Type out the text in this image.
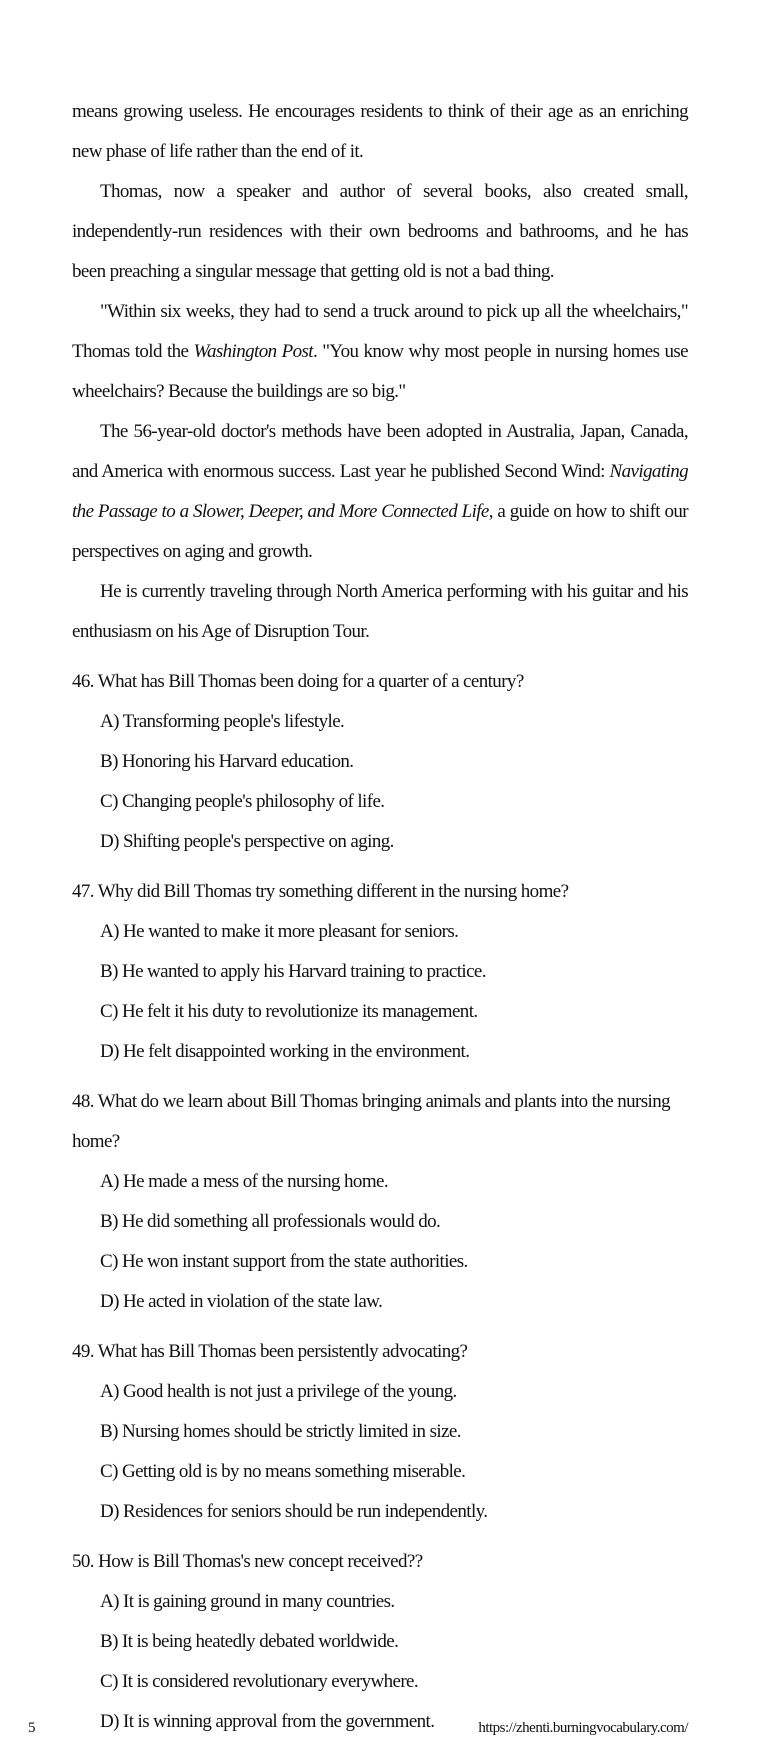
means growing useless. He encourages residents to think of their age as an enriching new phase of life rather than the end of it.

Thomas, now a speaker and author of several books, also created small, independently-run residences with their own bedrooms and bathrooms, and he has been preaching a singular message that getting old is not a bad thing.

"Within six weeks, they had to send a truck around to pick up all the wheelchairs," Thomas told the Washington Post. "You know why most people in nursing homes use wheelchairs? Because the buildings are so big."

The 56-year-old doctor's methods have been adopted in Australia, Japan, Canada, and America with enormous success. Last year he published Second Wind: Navigating the Passage to a Slower, Deeper, and More Connected Life, a guide on how to shift our perspectives on aging and growth.

He is currently traveling through North America performing with his guitar and his enthusiasm on his Age of Disruption Tour.

46. What has Bill Thomas been doing for a quarter of a century?

A) Transforming people's lifestyle.
B) Honoring his Harvard education.
C) Changing people's philosophy of life.
D) Shifting people's perspective on aging.

47. Why did Bill Thomas try something different in the nursing home?

A) He wanted to make it more pleasant for seniors.
B) He wanted to apply his Harvard training to practice.
C) He felt it his duty to revolutionize its management.
D) He felt disappointed working in the environment.

48. What do we learn about Bill Thomas bringing animals and plants into the nursing home?

A) He made a mess of the nursing home.
B) He did something all professionals would do.
C) He won instant support from the state authorities.
D) He acted in violation of the state law.

49. What has Bill Thomas been persistently advocating?

A) Good health is not just a privilege of the young.
B) Nursing homes should be strictly limited in size.
C) Getting old is by no means something miserable.
D) Residences for seniors should be run independently.

50. How is Bill Thomas's new concept received??

A) It is gaining ground in many countries.
B) It is being heatedly debated worldwide.
C) It is considered revolutionary everywhere.
D) It is winning approval from the government.
5	https://zhenti.burningvocabulary.com/
